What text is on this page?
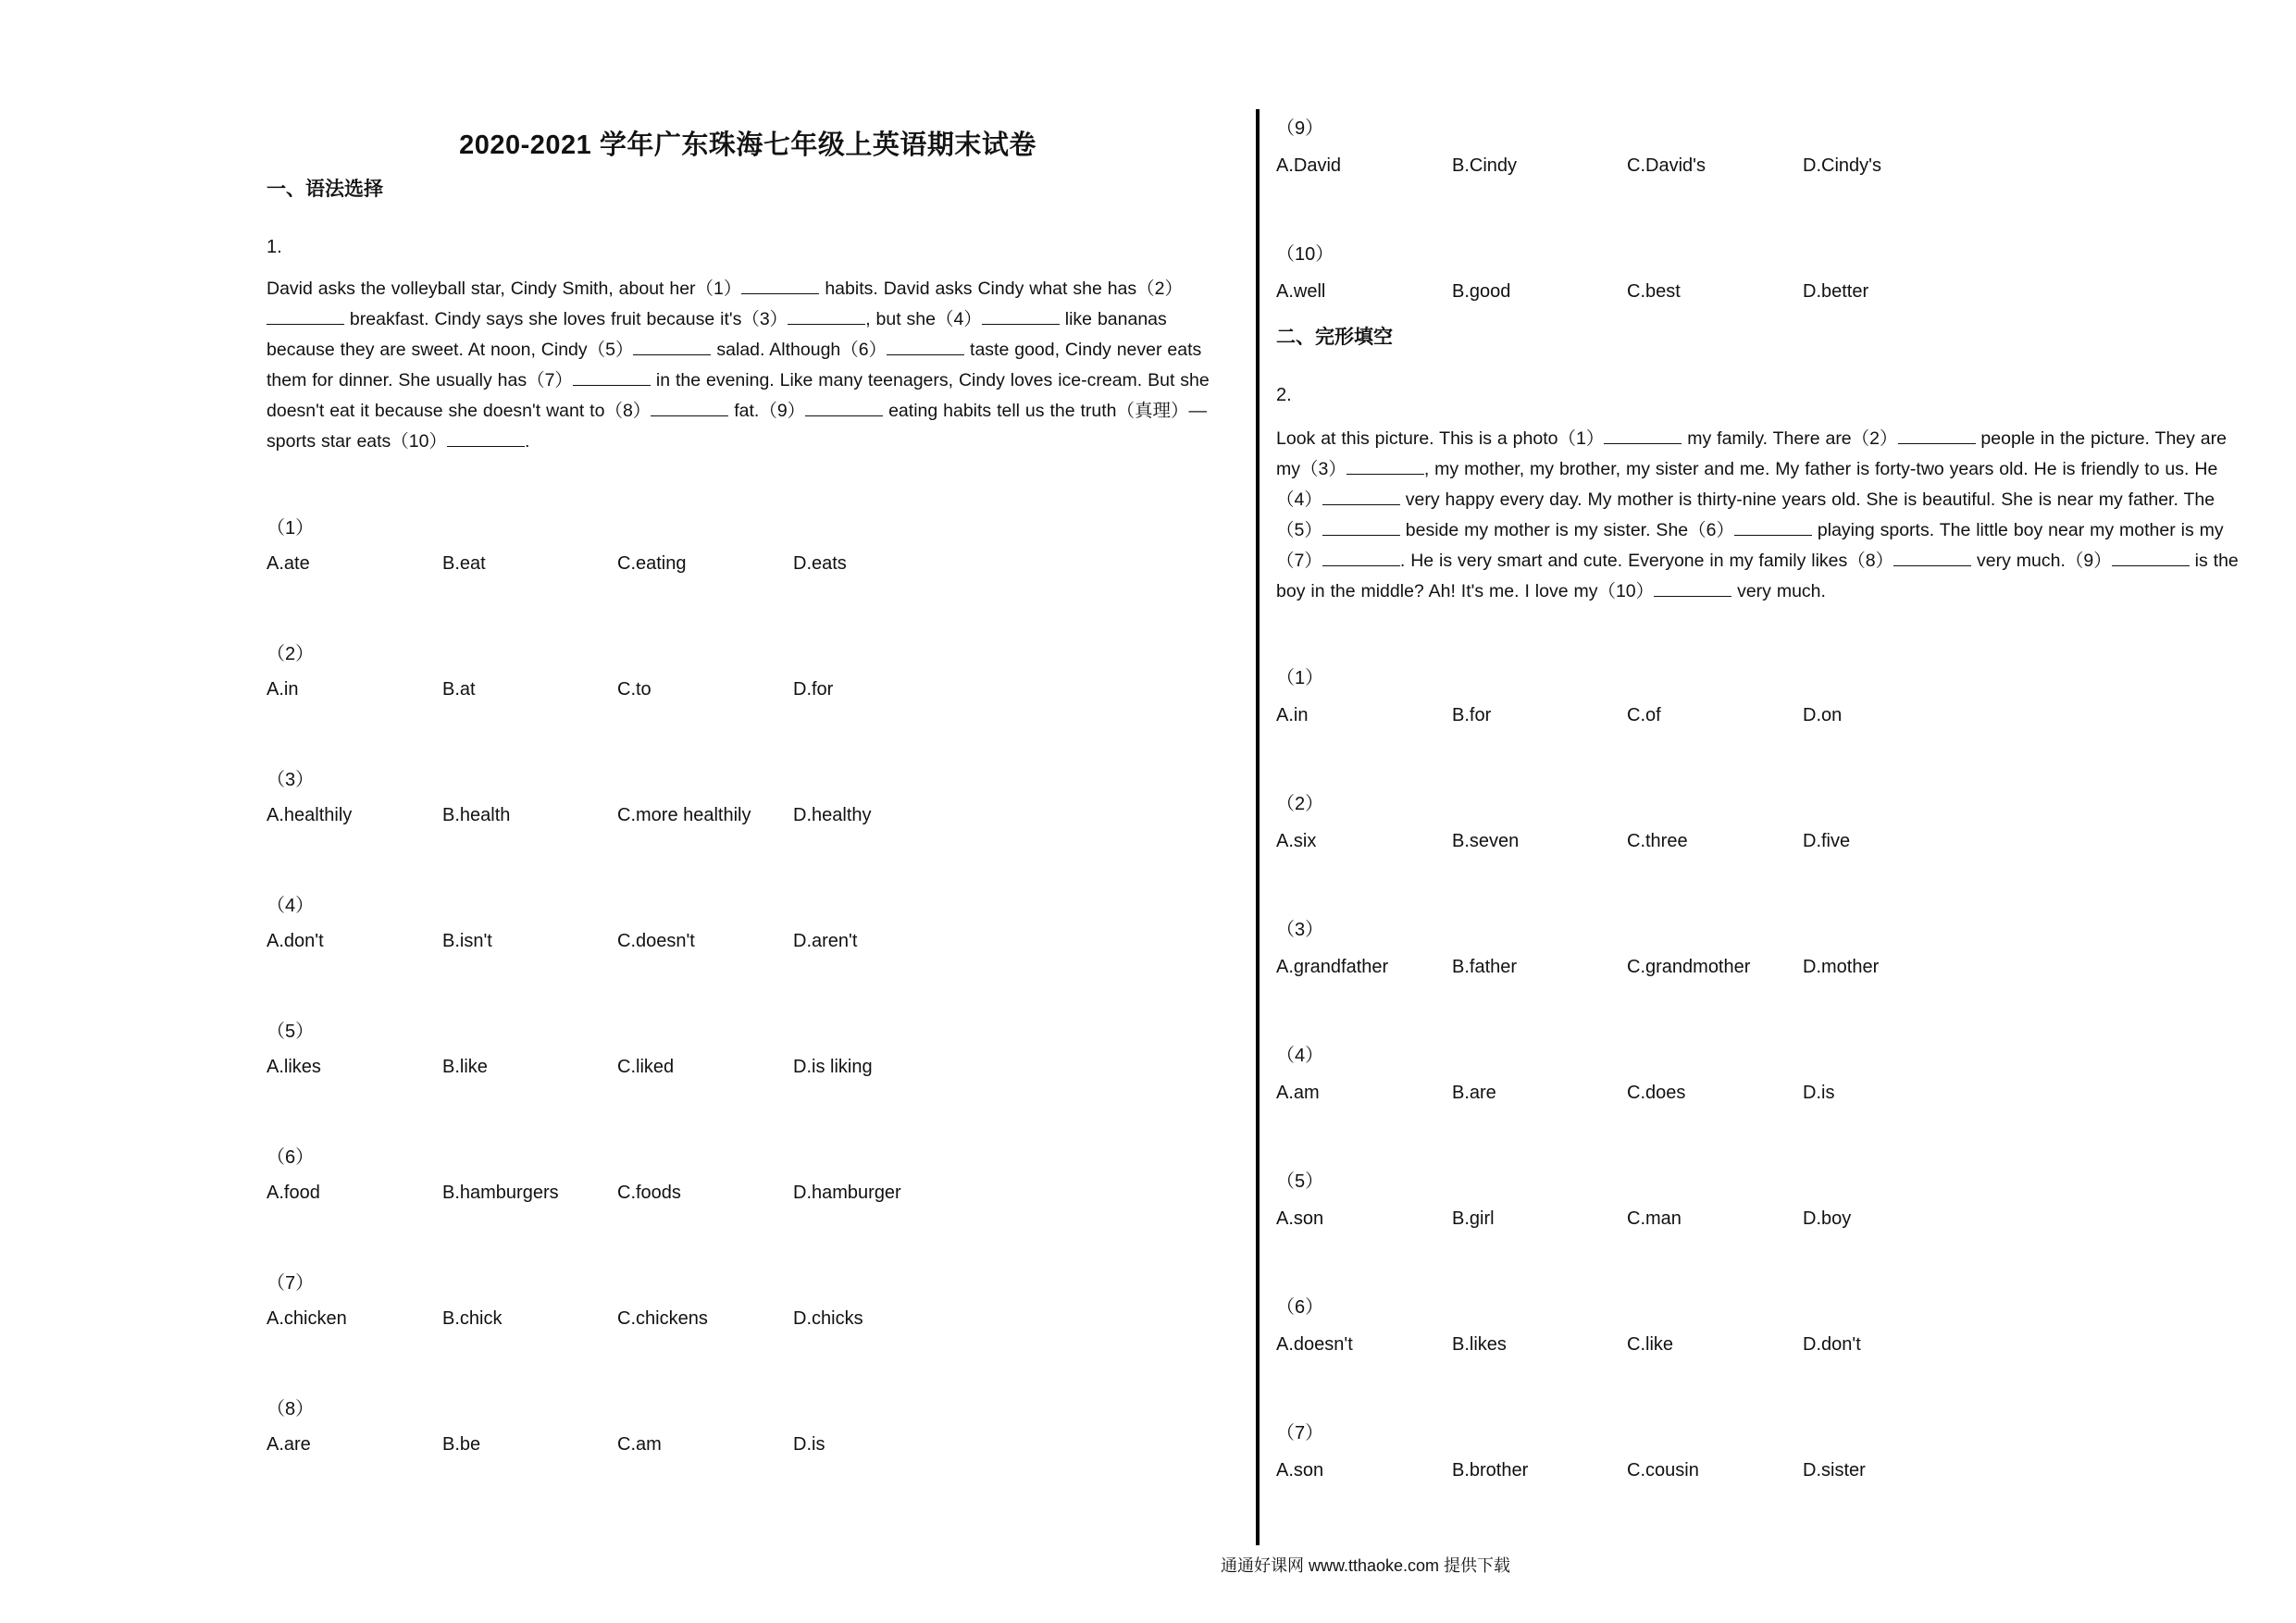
2020-2021 学年广东珠海七年级上英语期末试卷
一、语法选择
1.
David asks the volleyball star, Cindy Smith, about her（1）	habits. David asks Cindy what she has（2） breakfast. Cindy says she loves fruit because it's（3）	, but she（4）	like bananas because they are sweet. At noon, Cindy（5）	salad. Although（6）	taste good, Cindy never eats them for dinner. She usually has（7）	in the evening. Like many teenagers, Cindy loves ice-cream. But she doesn't eat it because she doesn't want to（8）	fat.（9）	eating habits tell us the truth（真理）—sports star eats（10）	.
（1）
A.ate	B.eat	C.eating	D.eats
（2）
A.in	B.at	C.to	D.for
（3）
A.healthily	B.health	C.more healthily D.healthy
（4）
A.don't	B.isn't	C.doesn't	D.aren't
（5）
A.likes	B.like	C.liked	D.is liking
（6）
A.food	B.hamburgers	C.foods	D.hamburger
（7）
A.chicken	B.chick	C.chickens	D.chicks
（8）
A.are	B.be	C.am	D.is
（9）
A.David	B.Cindy	C.David's	D.Cindy's
（10）
A.well	B.good	C.best	D.better
二、完形填空
2.
Look at this picture. This is a photo（1）	my family. There are（2）	people in the picture. They are my（3）	, my mother, my brother, my sister and me. My father is forty-two years old. He is friendly to us. He（4）	very happy every day. My mother is thirty-nine years old. She is beautiful. She is near my father. The（5）	beside my mother is my sister. She（6）	playing sports. The little boy near my mother is my（7）	. He is very smart and cute. Everyone in my family likes（8）	very much.（9）	is the boy in the middle? Ah! It's me. I love my（10）	very much.
（1）
A.in	B.for	C.of	D.on
（2）
A.six	B.seven	C.three	D.five
（3）
A.grandfather	B.father	C.grandmother	D.mother
（4）
A.am	B.are	C.does	D.is
（5）
A.son	B.girl	C.man	D.boy
（6）
A.doesn't	B.likes	C.like	D.don't
（7）
A.son	B.brother	C.cousin	D.sister
通通好课网 www.tthaoke.com 提供下载
